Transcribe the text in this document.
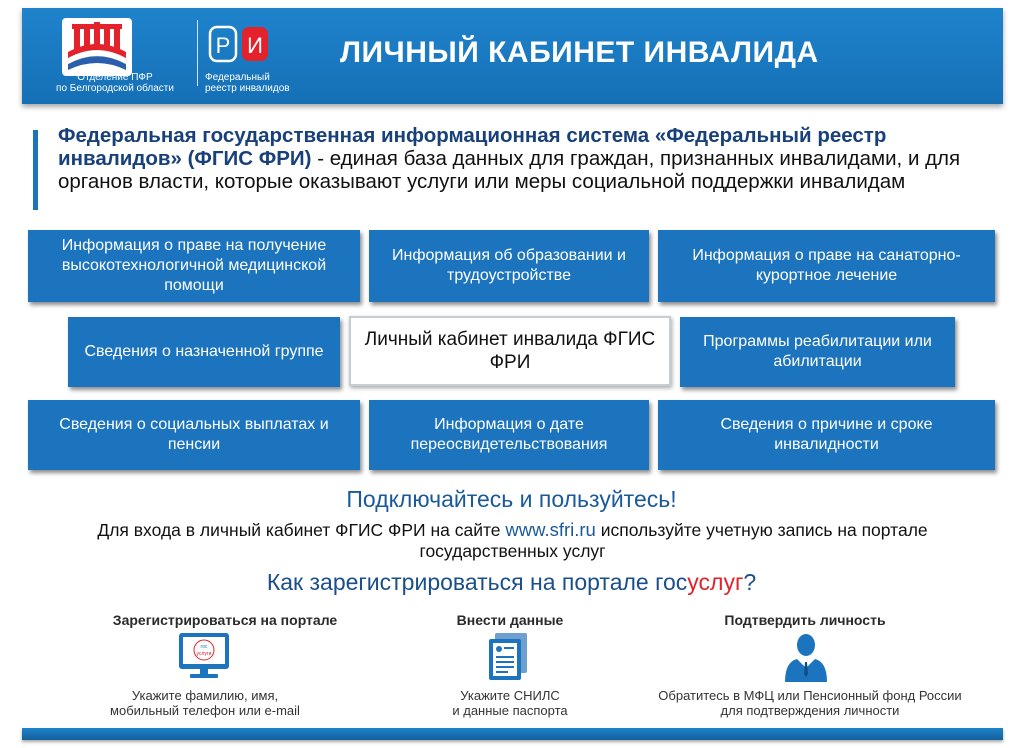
Отделение ПФР
по Белгородской области
Р И
Федеральный
реестр инвалидов
ЛИЧНЫЙ КАБИНЕТ ИНВАЛИДА
Федеральная государственная информационная система «Федеральный реестр инвалидов» (ФГИС ФРИ) - единая база данных для граждан, признанных инвалидами, и для органов власти, которые оказывают услуги или меры социальной поддержки инвалидам
Информация о праве на получение высокотехнологичной медицинской помощи
Информация об образовании и трудоустройстве
Информация о праве на санаторно-курортное лечение
Сведения о назначенной группе
Личный кабинет инвалида ФГИС ФРИ
Программы реабилитации или абилитации
Сведения о социальных выплатах и пенсии
Информация о дате переосвидетельствования
Сведения о причине и сроке инвалидности
Подключайтесь и пользуйтесь!
Для входа в личный кабинет ФГИС ФРИ на сайте www.sfri.ru используйте учетную запись на портале государственных услуг
Как зарегистрироваться на портале госуслуг?
Зарегистрироваться на портале
гос
услуги
Укажите фамилию, имя,
мобильный телефон или e-mail
Внести данные
Укажите СНИЛС
и данные паспорта
Подтвердить личность
Обратитесь в МФЦ или Пенсионный фонд России
для подтверждения личности
